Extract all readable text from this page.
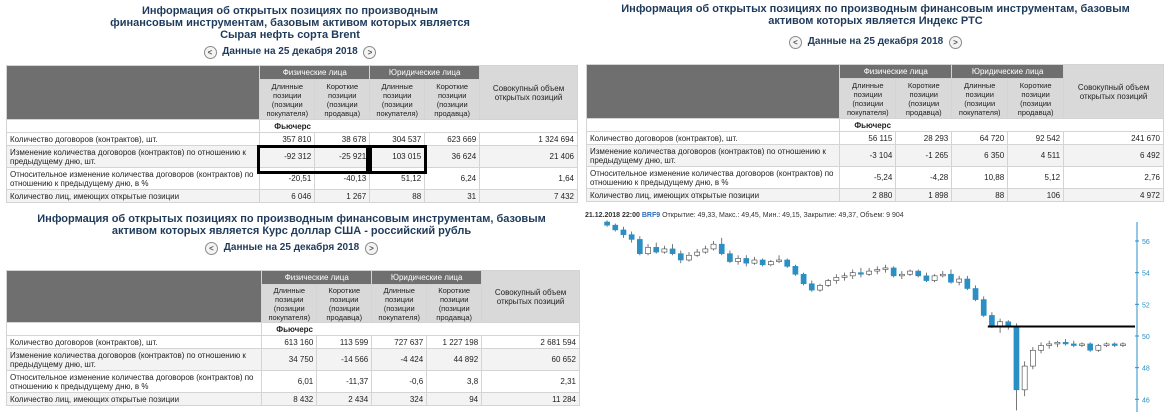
Информация об открытых позициях по производным финансовым инструментам, базовым активом которых является Сырая нефть сорта Brent
< Данные на 25 декабря 2018 >
	Физические лица		Юридические лица		Совокупный объем открытых позиций
	Длинные позиции (позиции покупателя)	Короткие позиции (позиции продавца)	Длинные позиции (позиции покупателя)	Короткие позиции (позиции продавца)	
	Фьючерс				
Количество договоров (контрактов), шт.	357 810	38 678	304 537	623 669	1 324 694
Изменение количества договоров (контрактов) по отношению к предыдущему дню, шт.	-92 312	-25 921	103 015	36 624	21 406
Относительное изменение количества договоров (контрактов) по отношению к предыдущему дню, в %	-20,51	-40,13	51,12	6,24	1,64
Количество лиц, имеющих открытые позиции	6 046	1 267	88	31	7 432
Информация об открытых позициях по производным финансовым инструментам, базовым активом которых является Индекс РТС
< Данные на 25 декабря 2018 >
	Физические лица		Юридические лица		Совокупный объем открытых позиций
	Длинные позиции (позиции покупателя)	Короткие позиции (позиции продавца)	Длинные позиции (позиции покупателя)	Короткие позиции (позиции продавца)	
	Фьючерс				
Количество договоров (контрактов), шт.	56 115	28 293	64 720	92 542	241 670
Изменение количества договоров (контрактов) по отношению к предыдущему дню, шт.	-3 104	-1 265	6 350	4 511	6 492
Относительное изменение количества договоров (контрактов) по отношению к предыдущему дню, в %	-5,24	-4,28	10,88	5,12	2,76
Количество лиц, имеющих открытые позиции	2 880	1 898	88	106	4 972
Информация об открытых позициях по производным финансовым инструментам, базовым активом которых является Курс доллар США - российский рубль
< Данные на 25 декабря 2018 >
	Физические лица		Юридические лица		Совокупный объем открытых позиций
	Длинные позиции (позиции покупателя)	Короткие позиции (позиции продавца)	Длинные позиции (позиции покупателя)	Короткие позиции (позиции продавца)	
	Фьючерс				
Количество договоров (контрактов), шт.	613 160	113 599	727 637	1 227 198	2 681 594
Изменение количества договоров (контрактов) по отношению к предыдущему дню, шт.	34 750	-14 566	-4 424	44 892	60 652
Относительное изменение количества договоров (контрактов) по отношению к предыдущему дню, в %	6,01	-11,37	-0,6	3,8	2,31
Количество лиц, имеющих открытые позиции	8 432	2 434	324	94	11 284
21.12.2018 22:00 BRF9 Открытие: 49,33, Макс.: 49,45, Мин.: 49,15, Закрытие: 49,37, Объем: 9 904
56
54
52
50
48
46
